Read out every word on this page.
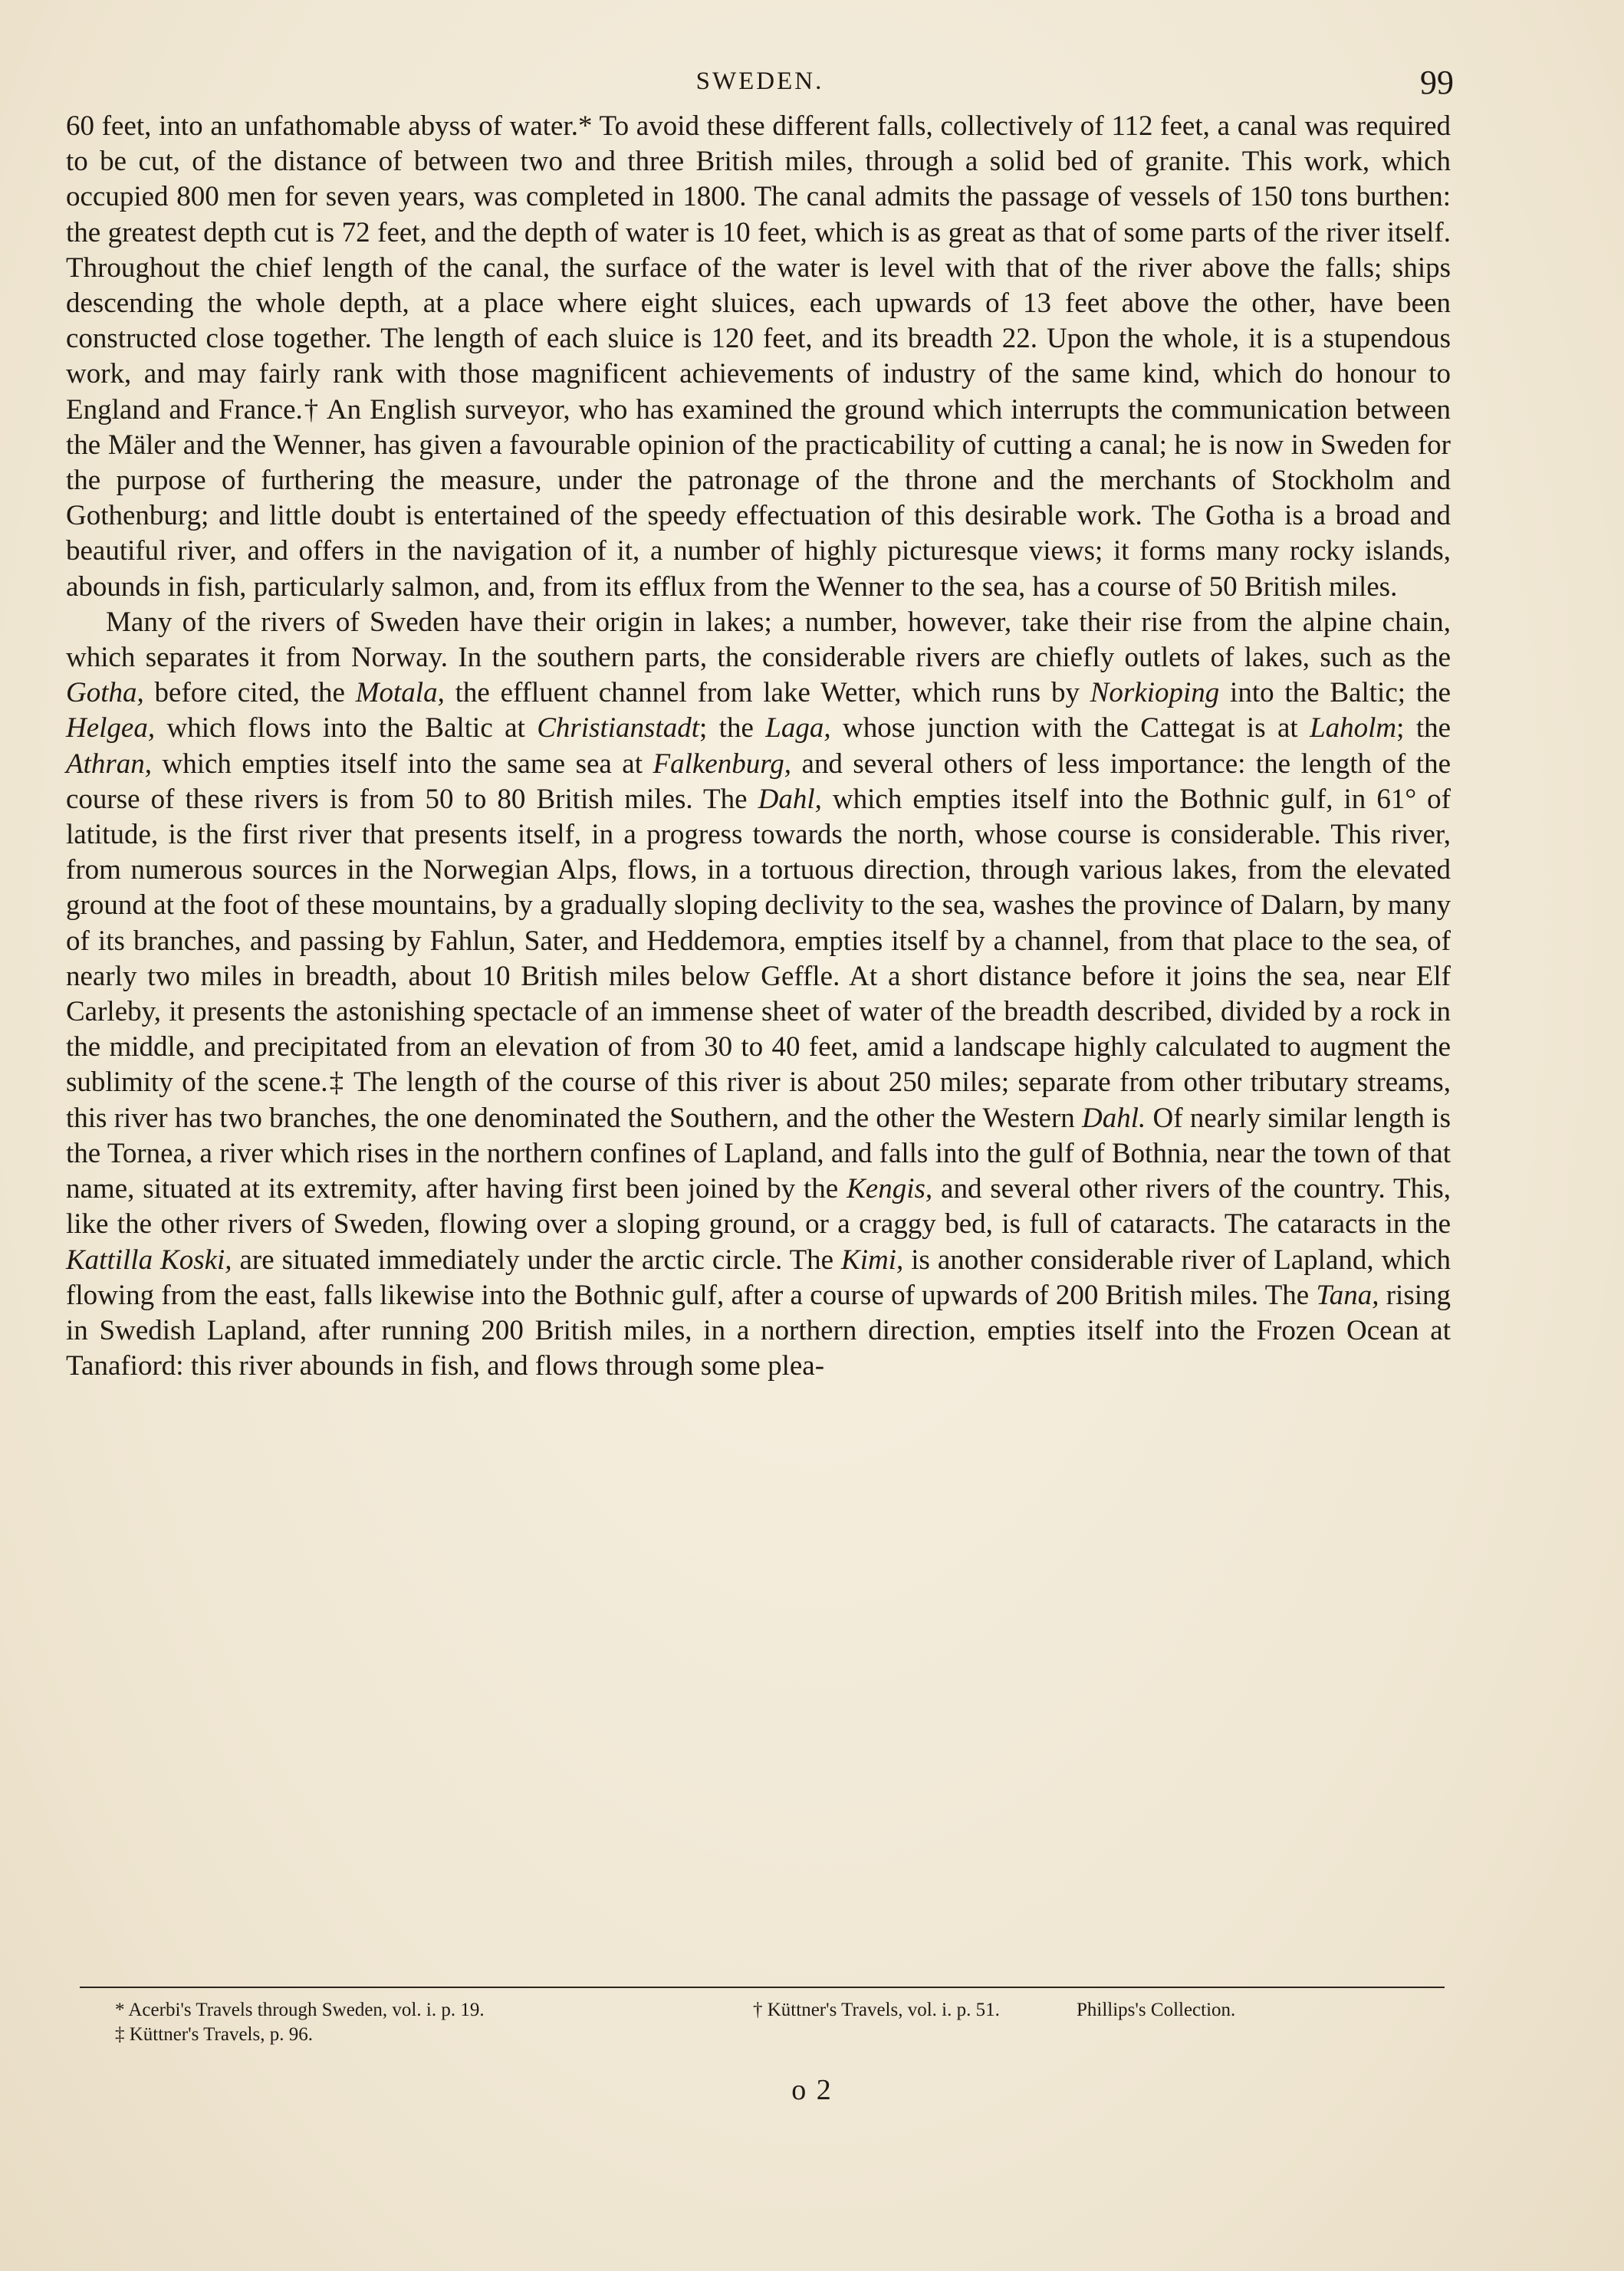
SWEDEN.	99

60 feet, into an unfathomable abyss of water.* To avoid these different falls, collectively of 112 feet, a canal was required to be cut, of the distance of between two and three British miles, through a solid bed of granite. This work, which occupied 800 men for seven years, was completed in 1800. The canal admits the passage of vessels of 150 tons burthen: the greatest depth cut is 72 feet, and the depth of water is 10 feet, which is as great as that of some parts of the river itself. Throughout the chief length of the canal, the surface of the water is level with that of the river above the falls; ships descending the whole depth, at a place where eight sluices, each upwards of 13 feet above the other, have been constructed close together. The length of each sluice is 120 feet, and its breadth 22. Upon the whole, it is a stupendous work, and may fairly rank with those magnificent achievements of industry of the same kind, which do honour to England and France.† An English surveyor, who has examined the ground which interrupts the communication between the Mäler and the Wenner, has given a favourable opinion of the practicability of cutting a canal; he is now in Sweden for the purpose of furthering the measure, under the patronage of the throne and the merchants of Stockholm and Gothenburg; and little doubt is entertained of the speedy effectuation of this desirable work. The Gotha is a broad and beautiful river, and offers in the navigation of it, a number of highly picturesque views; it forms many rocky islands, abounds in fish, particularly salmon, and, from its efflux from the Wenner to the sea, has a course of 50 British miles.

Many of the rivers of Sweden have their origin in lakes; a number, however, take their rise from the alpine chain, which separates it from Norway. In the southern parts, the considerable rivers are chiefly outlets of lakes, such as the Gotha, before cited, the Motala, the effluent channel from lake Wetter, which runs by Norkioping into the Baltic; the Helgea, which flows into the Baltic at Christianstadt; the Laga, whose junction with the Cattegat is at Laholm; the Athran, which empties itself into the same sea at Falkenburg, and several others of less importance: the length of the course of these rivers is from 50 to 80 British miles. The Dahl, which empties itself into the Bothnic gulf, in 61° of latitude, is the first river that presents itself, in a progress towards the north, whose course is considerable. This river, from numerous sources in the Norwegian Alps, flows, in a tortuous direction, through various lakes, from the elevated ground at the foot of these mountains, by a gradually sloping declivity to the sea, washes the province of Dalarn, by many of its branches, and passing by Fahlun, Sater, and Heddemora, empties itself by a channel, from that place to the sea, of nearly two miles in breadth, about 10 British miles below Geffle. At a short distance before it joins the sea, near Elf Carleby, it presents the astonishing spectacle of an immense sheet of water of the breadth described, divided by a rock in the middle, and precipitated from an elevation of from 30 to 40 feet, amid a landscape highly calculated to augment the sublimity of the scene.‡ The length of the course of this river is about 250 miles; separate from other tributary streams, this river has two branches, the one denominated the Southern, and the other the Western Dahl. Of nearly similar length is the Tornea, a river which rises in the northern confines of Lapland, and falls into the gulf of Bothnia, near the town of that name, situated at its extremity, after having first been joined by the Kengis, and several other rivers of the country. This, like the other rivers of Sweden, flowing over a sloping ground, or a craggy bed, is full of cataracts. The cataracts in the Kattilla Koski, are situated immediately under the arctic circle. The Kimi, is another considerable river of Lapland, which flowing from the east, falls likewise into the Bothnic gulf, after a course of upwards of 200 British miles. The Tana, rising in Swedish Lapland, after running 200 British miles, in a northern direction, empties itself into the Frozen Ocean at Tanafiord: this river abounds in fish, and flows through some plea-

* Acerbi's Travels through Sweden, vol. i. p. 19.	† Küttner's Travels, vol. i. p. 51.	Phillips's Collection.
‡ Küttner's Travels, p. 96.
o 2
